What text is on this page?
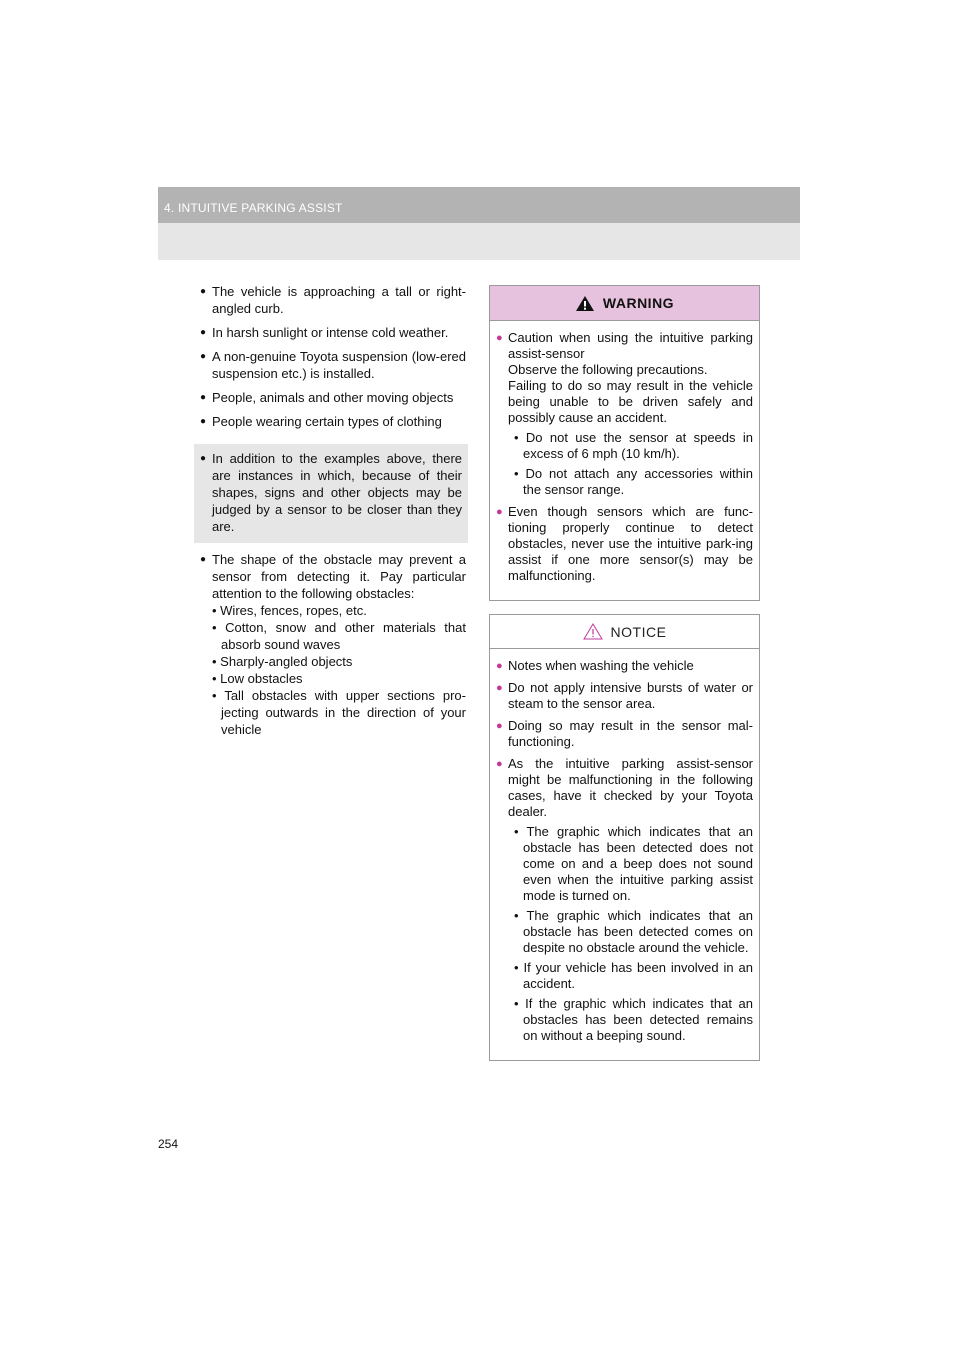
4. INTUITIVE PARKING ASSIST
● The vehicle is approaching a tall or right-angled curb.
● In harsh sunlight or intense cold weather.
● A non-genuine Toyota suspension (low-ered suspension etc.) is installed.
● People, animals and other moving objects
● People wearing certain types of clothing
● In addition to the examples above, there are instances in which, because of their shapes, signs and other objects may be judged by a sensor to be closer than they are.
● The shape of the obstacle may prevent a sensor from detecting it. Pay particular attention to the following obstacles:
• Wires, fences, ropes, etc.
• Cotton, snow and other materials that absorb sound waves
• Sharply-angled objects
• Low obstacles
• Tall obstacles with upper sections pro-jecting outwards in the direction of your vehicle
WARNING
● Caution when using the intuitive parking assist-sensor
Observe the following precautions.
Failing to do so may result in the vehicle being unable to be driven safely and possibly cause an accident.
• Do not use the sensor at speeds in excess of 6 mph (10 km/h).
• Do not attach any accessories within the sensor range.
● Even though sensors which are func-tioning properly continue to detect obstacles, never use the intuitive park-ing assist if one more sensor(s) may be malfunctioning.
NOTICE
● Notes when washing the vehicle
● Do not apply intensive bursts of water or steam to the sensor area.
● Doing so may result in the sensor mal-functioning.
● As the intuitive parking assist-sensor might be malfunctioning in the following cases, have it checked by your Toyota dealer.
• The graphic which indicates that an obstacle has been detected does not come on and a beep does not sound even when the intuitive parking assist mode is turned on.
• The graphic which indicates that an obstacle has been detected comes on despite no obstacle around the vehicle.
• If your vehicle has been involved in an accident.
• If the graphic which indicates that an obstacles has been detected remains on without a beeping sound.
254
